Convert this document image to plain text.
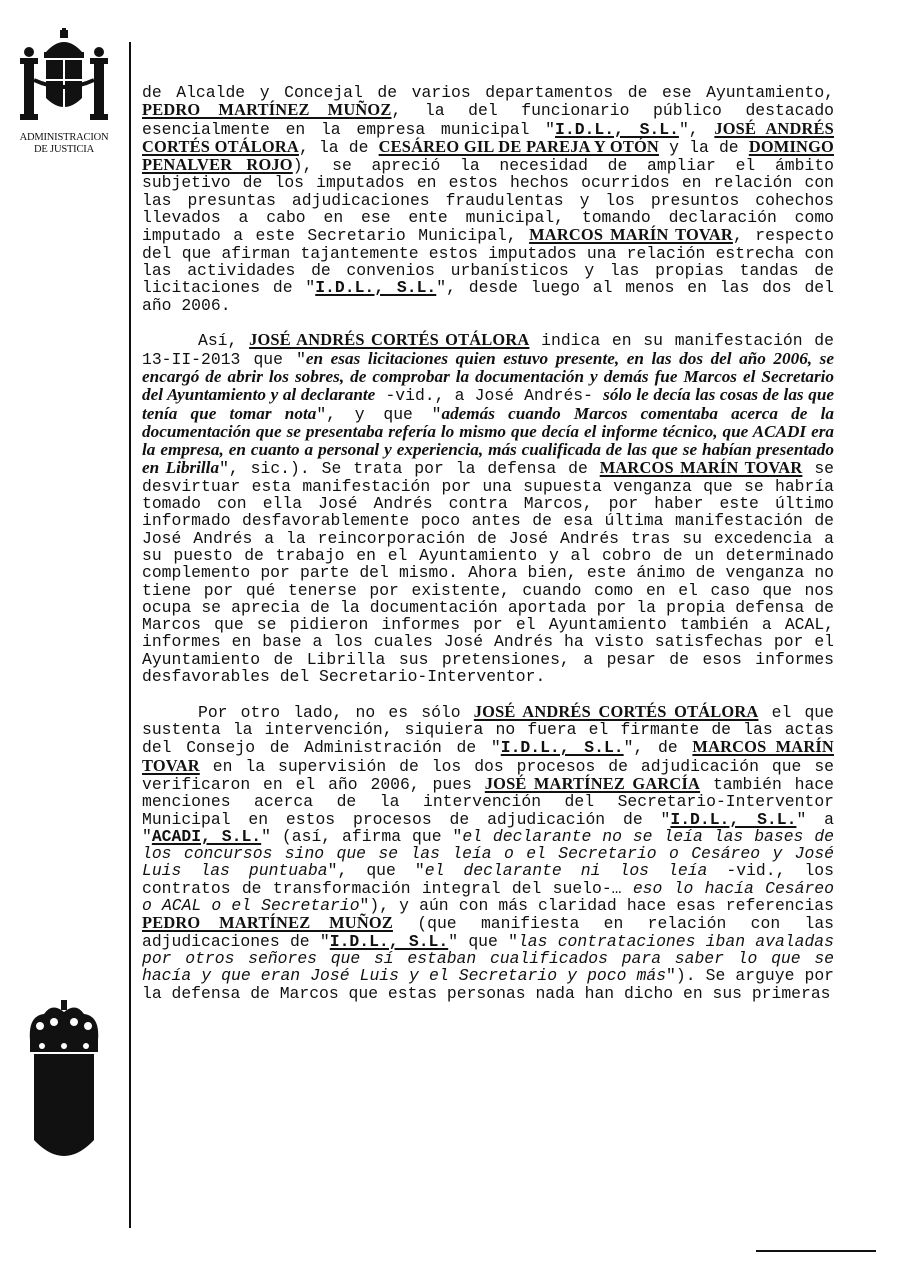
ADMINISTRACION
DE JUSTICIA

de Alcalde y Concejal de varios departamentos de ese Ayuntamiento, PEDRO MARTÍNEZ MUÑOZ, la del funcionario público destacado esencialmente en la empresa municipal "I.D.L., S.L.", JOSÉ ANDRÉS CORTÉS OTÁLORA, la de CESÁREO GIL DE PAREJA Y OTÓN y la de DOMINGO PENALVER ROJO), se apreció la necesidad de ampliar el ámbito subjetivo de los imputados en estos hechos ocurridos en relación con las presuntas adjudicaciones fraudulentas y los presuntos cohechos llevados a cabo en ese ente municipal, tomando declaración como imputado a este Secretario Municipal, MARCOS MARÍN TOVAR, respecto del que afirman tajantemente estos imputados una relación estrecha con las actividades de convenios urbanísticos y las propias tandas de licitaciones de "I.D.L., S.L.", desde luego al menos en las dos del año 2006.

Así, JOSÉ ANDRÉS CORTÉS OTÁLORA indica en su manifestación de 13-II-2013 que "en esas licitaciones quien estuvo presente, en las dos del año 2006, se encargó de abrir los sobres, de comprobar la documentación y demás fue Marcos el Secretario del Ayuntamiento y al declarante -vid., a José Andrés- sólo le decía las cosas de las que tenía que tomar nota", y que "además cuando Marcos comentaba acerca de la documentación que se presentaba refería lo mismo que decía el informe técnico, que ACADI era la empresa, en cuanto a personal y experiencia, más cualificada de las que se habían presentado en Librilla", sic.). Se trata por la defensa de MARCOS MARÍN TOVAR se desvirtuar esta manifestación por una supuesta venganza que se habría tomado con ella José Andrés contra Marcos, por haber este último informado desfavorablemente poco antes de esa última manifestación de José Andrés a la reincorporación de José Andrés tras su excedencia a su puesto de trabajo en el Ayuntamiento y al cobro de un determinado complemento por parte del mismo. Ahora bien, este ánimo de venganza no tiene por qué tenerse por existente, cuando como en el caso que nos ocupa se aprecia de la documentación aportada por la propia defensa de Marcos que se pidieron informes por el Ayuntamiento también a ACAL, informes en base a los cuales José Andrés ha visto satisfechas por el Ayuntamiento de Librilla sus pretensiones, a pesar de esos informes desfavorables del Secretario-Interventor.

Por otro lado, no es sólo JOSÉ ANDRÉS CORTÉS OTÁLORA el que sustenta la intervención, siquiera no fuera el firmante de las actas del Consejo de Administración de "I.D.L., S.L.", de MARCOS MARÍN TOVAR en la supervisión de los dos procesos de adjudicación que se verificaron en el año 2006, pues JOSÉ MARTÍNEZ GARCÍA también hace menciones acerca de la intervención del Secretario-Interventor Municipal en estos procesos de adjudicación de "I.D.L., S.L." a "ACADI, S.L." (así, afirma que "el declarante no se leía las bases de los concursos sino que se las leía o el Secretario o Cesáreo y José Luis las puntuaba", que "el declarante ni los leía -vid., los contratos de transformación integral del suelo-… eso lo hacía Cesáreo o ACAL o el Secretario"), y aún con más claridad hace esas referencias PEDRO MARTÍNEZ MUÑOZ (que manifiesta en relación con las adjudicaciones de "I.D.L., S.L." que "las contrataciones iban avaladas por otros señores que sí estaban cualificados para saber lo que se hacía y que eran José Luis y el Secretario y poco más"). Se arguye por la defensa de Marcos que estas personas nada han dicho en sus primeras
